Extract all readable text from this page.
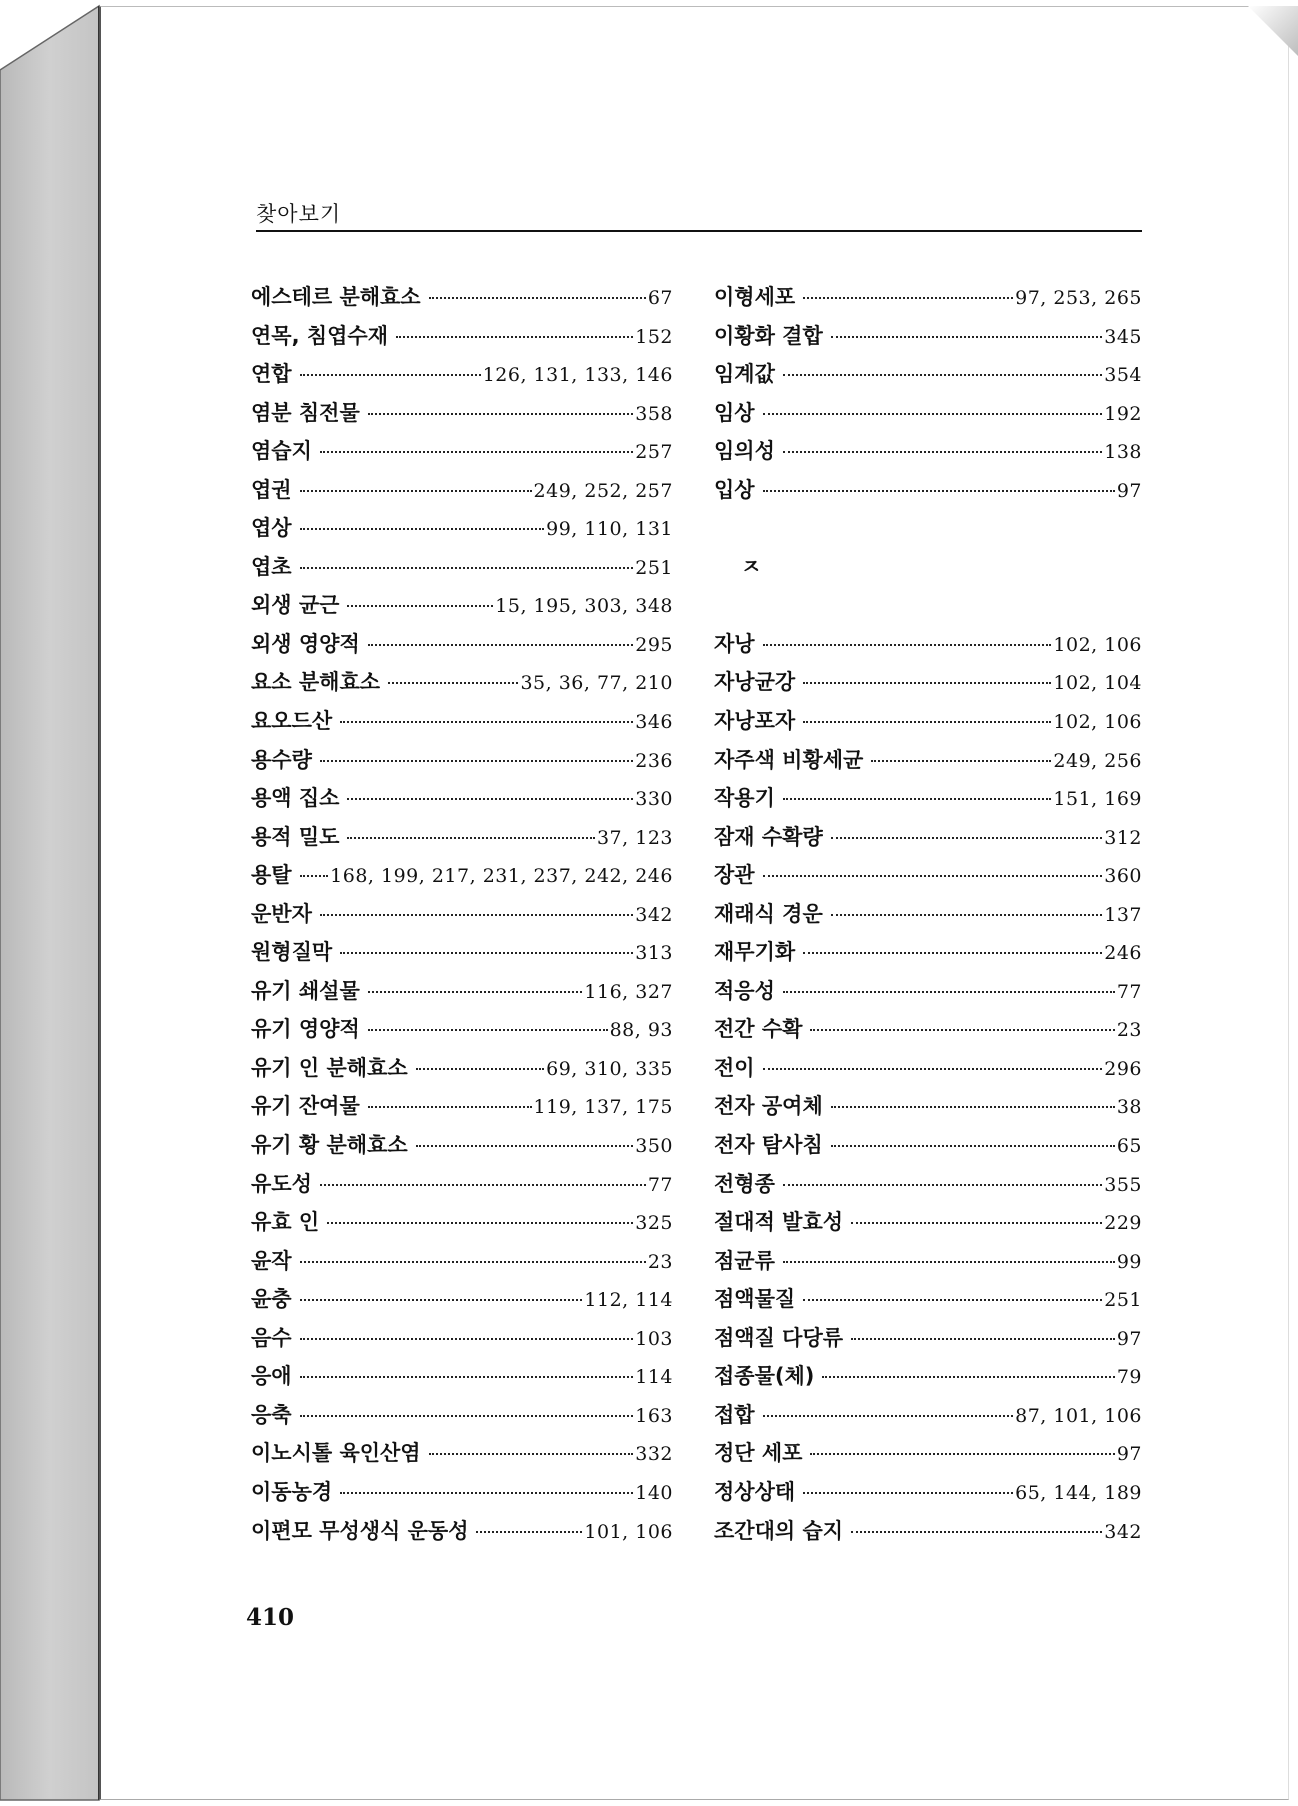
찾아보기
에스테르 분해효소	67
연목, 침엽수재	152
연합	126, 131, 133, 146
염분 침전물	358
염습지	257
엽권	249, 252, 257
엽상	99, 110, 131
엽초	251
외생 균근	15, 195, 303, 348
외생 영양적	295
요소 분해효소	35, 36, 77, 210
요오드산	346
용수량	236
용액 집소	330
용적 밀도	37, 123
용탈 168, 199, 217, 231, 237, 242, 246
운반자	342
원형질막	313
유기 쇄설물	116, 327
유기 영양적	88, 93
유기 인 분해효소	69, 310, 335
유기 잔여물	119, 137, 175
유기 황 분해효소	350
유도성	77
유효 인	325
윤작	23
윤충	112, 114
음수	103
응애	114
응축	163
이노시톨 육인산염	332
이동농경	140
이편모 무성생식 운동성	101, 106
이형세포	97, 253, 265
이황화 결합	345
임계값	354
임상	192
임의성	138
입상	97
ㅈ
자낭	102, 106
자낭균강	102, 104
자낭포자	102, 106
자주색 비황세균	249, 256
작용기	151, 169
잠재 수확량	312
장관	360
재래식 경운	137
재무기화	246
적응성	77
전간 수확	23
전이	296
전자 공여체	38
전자 탐사침	65
전형종	355
절대적 발효성	229
점균류	99
점액물질	251
점액질 다당류	97
접종물(체)	79
접합	87, 101, 106
정단 세포	97
정상상태	65, 144, 189
조간대의 습지	342
410
